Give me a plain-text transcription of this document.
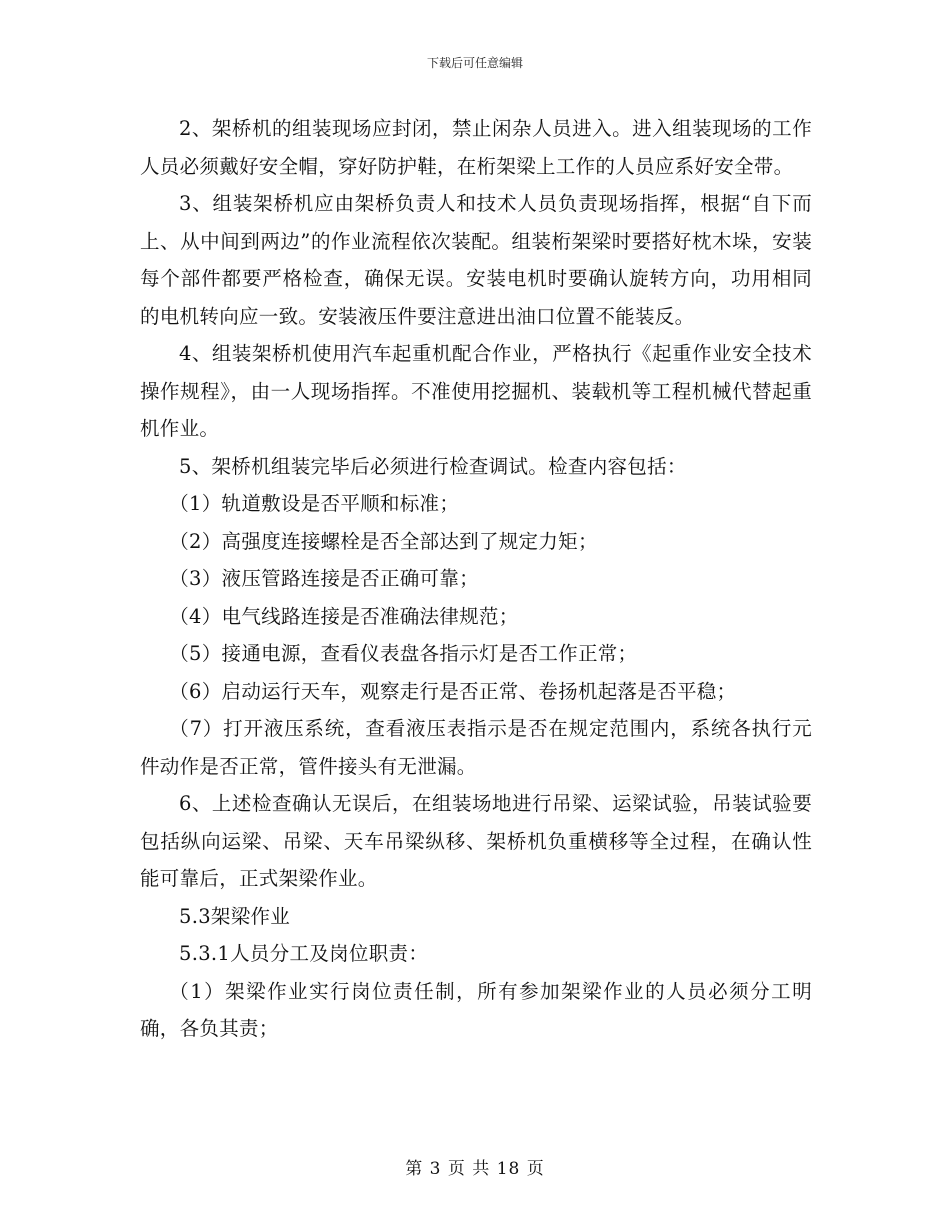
下载后可任意编辑

2、架桥机的组装现场应封闭，禁止闲杂人员进入。进入组装现场的工作人员必须戴好安全帽，穿好防护鞋，在桁架梁上工作的人员应系好安全带。

3、组装架桥机应由架桥负责人和技术人员负责现场指挥，根据“自下而上、从中间到两边”的作业流程依次装配。组装桁架梁时要搭好枕木垛，安装每个部件都要严格检查，确保无误。安装电机时要确认旋转方向，功用相同的电机转向应一致。安装液压件要注意进出油口位置不能装反。

4、组装架桥机使用汽车起重机配合作业，严格执行《起重作业安全技术操作规程》，由一人现场指挥。不准使用挖掘机、装载机等工程机械代替起重机作业。

5、架桥机组装完毕后必须进行检查调试。检查内容包括：

（1）轨道敷设是否平顺和标准；

（2）高强度连接螺栓是否全部达到了规定力矩；

（3）液压管路连接是否正确可靠；

（4）电气线路连接是否准确法律规范；

（5）接通电源，查看仪表盘各指示灯是否工作正常；

（6）启动运行天车，观察走行是否正常、卷扬机起落是否平稳；

（7）打开液压系统，查看液压表指示是否在规定范围内，系统各执行元件动作是否正常，管件接头有无泄漏。

6、上述检查确认无误后，在组装场地进行吊梁、运梁试验，吊装试验要包括纵向运梁、吊梁、天车吊梁纵移、架桥机负重横移等全过程，在确认性能可靠后，正式架梁作业。

5.3架梁作业

5.3.1人员分工及岗位职责：

（1）架梁作业实行岗位责任制，所有参加架梁作业的人员必须分工明确，各负其责；

第 3 页 共 18 页
